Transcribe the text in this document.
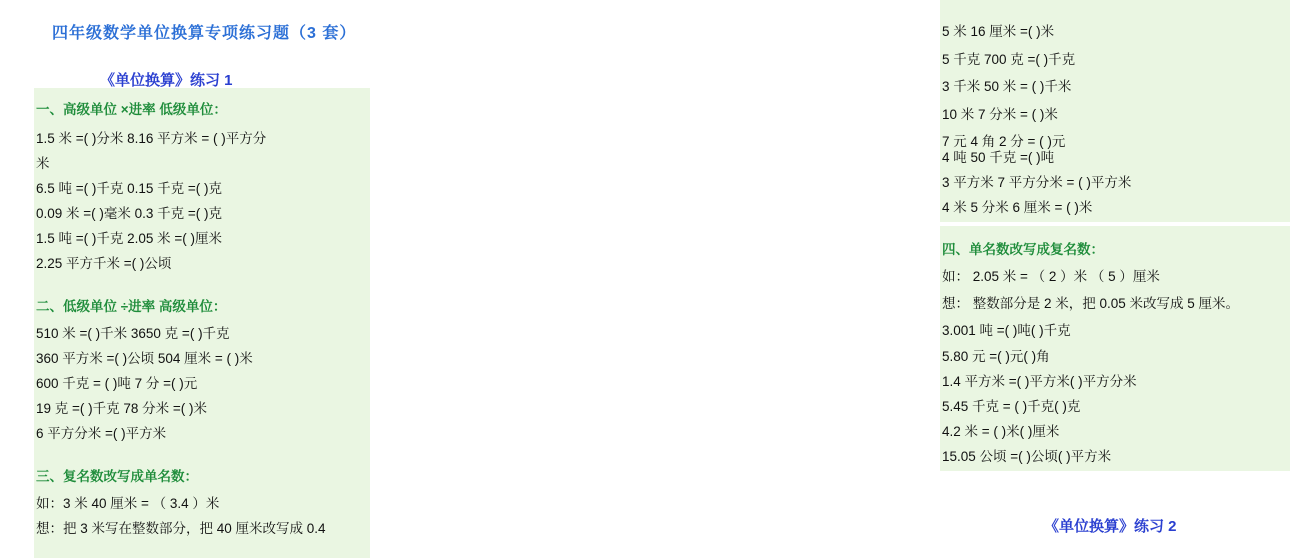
四年级数学单位换算专项练习题（3 套）
《单位换算》练习 1
一、高级单位 ×进率 低级单位：
1.5 米 =( )分米 8.16 平方米 = ( )平方分
米
6.5 吨 =( )千克 0.15 千克 =( )克
0.09 米 =( )毫米 0.3 千克 =( )克
1.5 吨 =( )千克 2.05 米 =( )厘米
2.25 平方千米 =( )公顷
二、低级单位 ÷进率 高级单位：
510 米 =( )千米 3650 克 =( )千克
360 平方米 =( )公顷 504 厘米 = ( )米
600 千克 = ( )吨 7 分 =( )元
19 克 =( )千克 78 分米 =( )米
6 平方分米 =( )平方米
三、复名数改写成单名数：
如：3 米 40 厘米 = （ 3.4 ）米
想：把 3 米写在整数部分，把 40 厘米改写成 0.4
5 米 16 厘米 =( )米
5 千克 700 克 =( )千克
3 千米 50 米 = ( )千米
10 米 7 分米 = ( )米
7 元 4 角 2 分 = ( )元
4 吨 50 千克 =( )吨
3 平方米 7 平方分米 = ( )平方米
4 米 5 分米 6 厘米 = ( )米
四、单名数改写成复名数：
如： 2.05 米 = （ 2 ）米 （ 5 ）厘米
想： 整数部分是 2 米，把 0.05 米改写成 5 厘米。
3.001 吨 =( )吨( )千克
5.80 元 =( )元( )角
1.4 平方米 =( )平方米( )平方分米
5.45 千克 = ( )千克( )克
4.2 米 = ( )米( )厘米
15.05 公顷 =( )公顷( )平方米
《单位换算》练习 2
